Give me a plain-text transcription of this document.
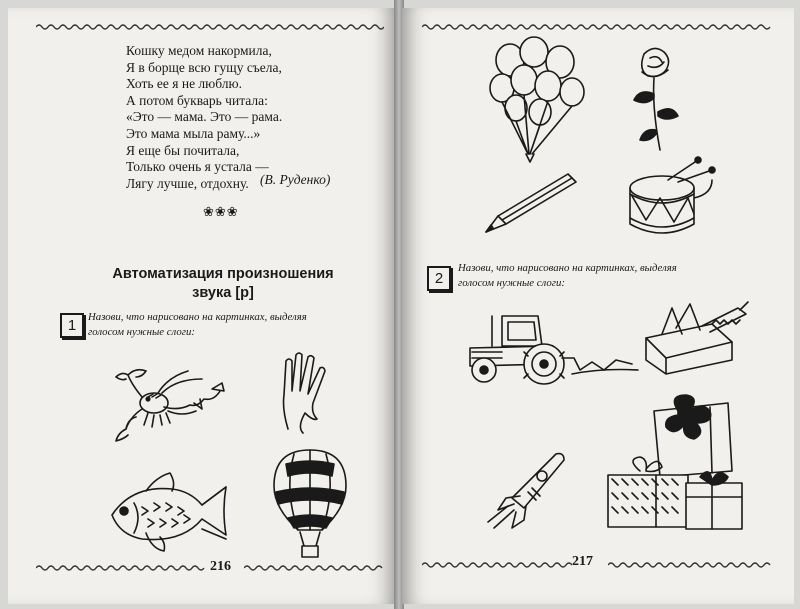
Кошку медом накормила,
Я в борще всю гущу съела,
Хоть ее я не люблю.
А потом букварь читала:
«Это — мама. Это — рама.
Это мама мыла раму...»
Я еще бы почитала,
Только очень я устала —
Лягу лучше, отдохну. (В. Руденко)
❀❀❀
Автоматизация произношения
звука [р]
1	Назови, что нарисовано на картинках, выделяя
голосом нужные слоги:
216
2
Назови, что нарисовано на картинках, выделяя
голосом нужные слоги:
217
